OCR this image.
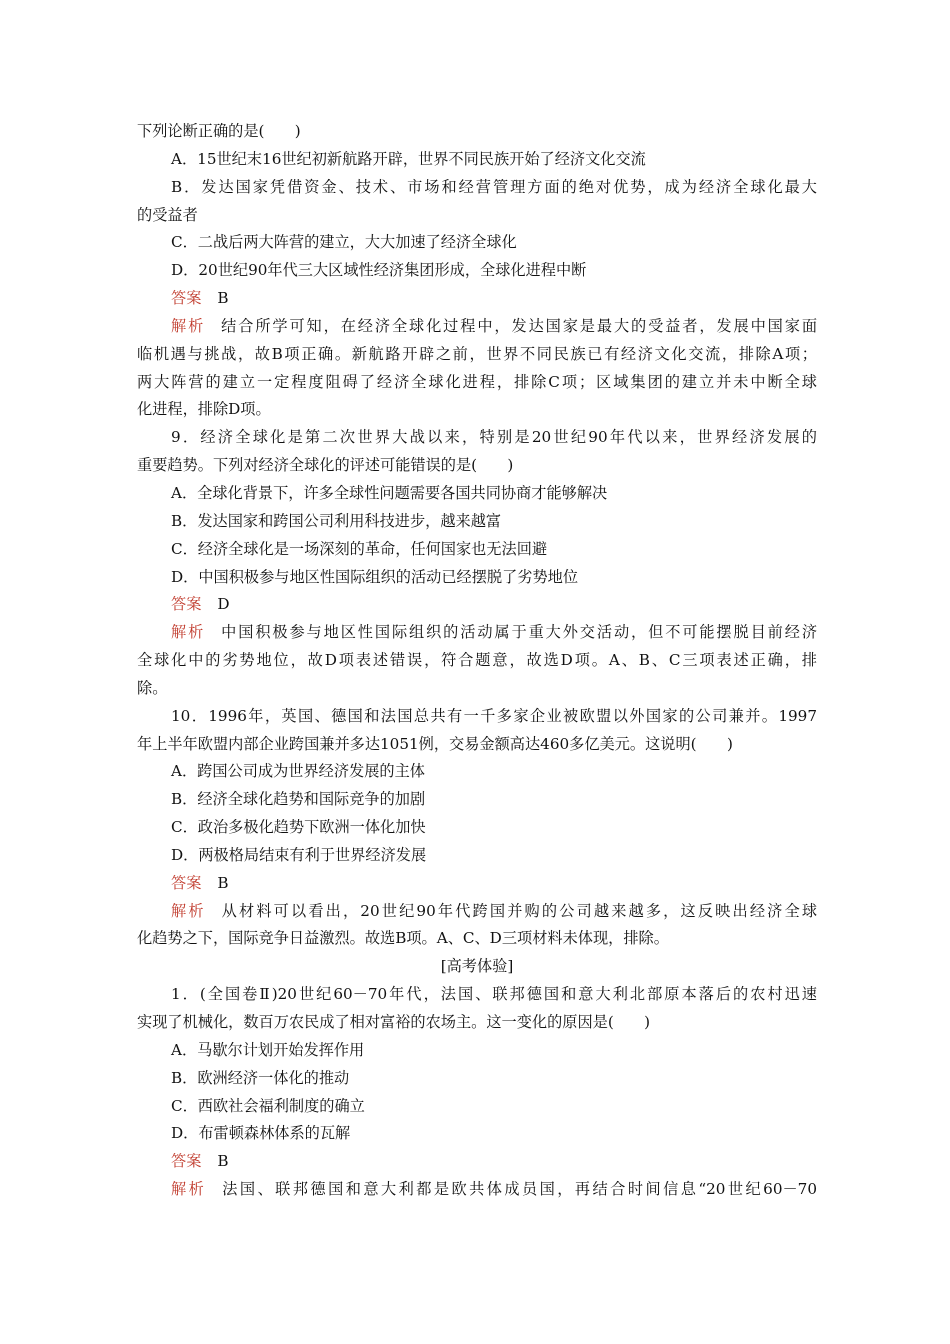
下列论断正确的是(　　)
A．15世纪末16世纪初新航路开辟，世界不同民族开始了经济文化交流
B．发达国家凭借资金、技术、市场和经营管理方面的绝对优势，成为经济全球化最大
的受益者
C．二战后两大阵营的建立，大大加速了经济全球化
D．20世纪90年代三大区域性经济集团形成，全球化进程中断
答案 B
解析 结合所学可知，在经济全球化过程中，发达国家是最大的受益者，发展中国家面
临机遇与挑战，故B项正确。新航路开辟之前，世界不同民族已有经济文化交流，排除A项；
两大阵营的建立一定程度阻碍了经济全球化进程，排除C项；区域集团的建立并未中断全球
化进程，排除D项。
9．经济全球化是第二次世界大战以来，特别是20世纪90年代以来，世界经济发展的
重要趋势。下列对经济全球化的评述可能错误的是(　　)
A．全球化背景下，许多全球性问题需要各国共同协商才能够解决
B．发达国家和跨国公司利用科技进步，越来越富
C．经济全球化是一场深刻的革命，任何国家也无法回避
D．中国积极参与地区性国际组织的活动已经摆脱了劣势地位
答案 D
解析 中国积极参与地区性国际组织的活动属于重大外交活动，但不可能摆脱目前经济
全球化中的劣势地位，故D项表述错误，符合题意，故选D项。A、B、C三项表述正确，排
除。
10．1996年，英国、德国和法国总共有一千多家企业被欧盟以外国家的公司兼并。1997
年上半年欧盟内部企业跨国兼并多达1051例，交易金额高达460多亿美元。这说明(　　)
A．跨国公司成为世界经济发展的主体
B．经济全球化趋势和国际竞争的加剧
C．政治多极化趋势下欧洲一体化加快
D．两极格局结束有利于世界经济发展
答案 B
解析 从材料可以看出，20世纪90年代跨国并购的公司越来越多，这反映出经济全球
化趋势之下，国际竞争日益激烈。故选B项。A、C、D三项材料未体现，排除。
[高考体验]
1．(全国卷Ⅱ)20世纪60－70年代，法国、联邦德国和意大利北部原本落后的农村迅速
实现了机械化，数百万农民成了相对富裕的农场主。这一变化的原因是(　　)
A．马歇尔计划开始发挥作用
B．欧洲经济一体化的推动
C．西欧社会福利制度的确立
D．布雷顿森林体系的瓦解
答案 B
解析 法国、联邦德国和意大利都是欧共体成员国，再结合时间信息“20世纪60－70
